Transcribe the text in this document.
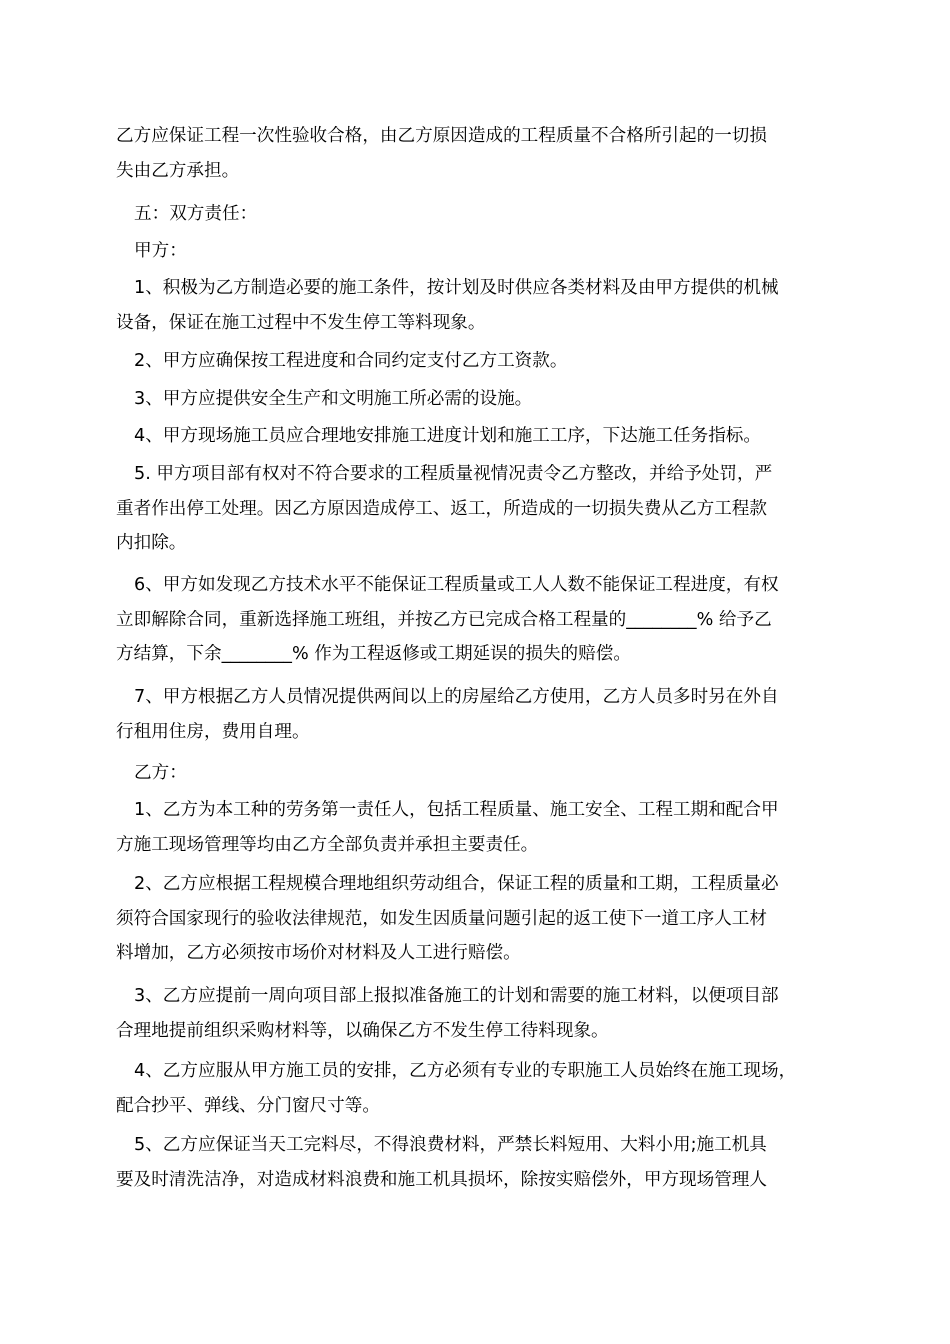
乙方应保证工程一次性验收合格，由乙方原因造成的工程质量不合格所引起的一切损
失由乙方承担。

五：双方责任：

甲方：

1、积极为乙方制造必要的施工条件，按计划及时供应各类材料及由甲方提供的机械
设备，保证在施工过程中不发生停工等料现象。

2、甲方应确保按工程进度和合同约定支付乙方工资款。

3、甲方应提供安全生产和文明施工所必需的设施。

4、甲方现场施工员应合理地安排施工进度计划和施工工序，下达施工任务指标。

5. 甲方项目部有权对不符合要求的工程质量视情况责令乙方整改，并给予处罚，严
重者作出停工处理。因乙方原因造成停工、返工，所造成的一切损失费从乙方工程款
内扣除。

6、甲方如发现乙方技术水平不能保证工程质量或工人人数不能保证工程进度，有权
立即解除合同，重新选择施工班组，并按乙方已完成合格工程量的________% 给予乙
方结算，下余________% 作为工程返修或工期延误的损失的赔偿。

7、甲方根据乙方人员情况提供两间以上的房屋给乙方使用，乙方人员多时另在外自
行租用住房，费用自理。

乙方：

1、乙方为本工种的劳务第一责任人，包括工程质量、施工安全、工程工期和配合甲
方施工现场管理等均由乙方全部负责并承担主要责任。

2、乙方应根据工程规模合理地组织劳动组合，保证工程的质量和工期，工程质量必
须符合国家现行的验收法律规范，如发生因质量问题引起的返工使下一道工序人工材
料增加，乙方必须按市场价对材料及人工进行赔偿。

3、乙方应提前一周向项目部上报拟准备施工的计划和需要的施工材料，以便项目部
合理地提前组织采购材料等，以确保乙方不发生停工待料现象。

4、乙方应服从甲方施工员的安排，乙方必须有专业的专职施工人员始终在施工现场，
配合抄平、弹线、分门窗尺寸等。

5、乙方应保证当天工完料尽，不得浪费材料，严禁长料短用、大料小用;施工机具
要及时清洗洁净，对造成材料浪费和施工机具损坏，除按实赔偿外，甲方现场管理人
